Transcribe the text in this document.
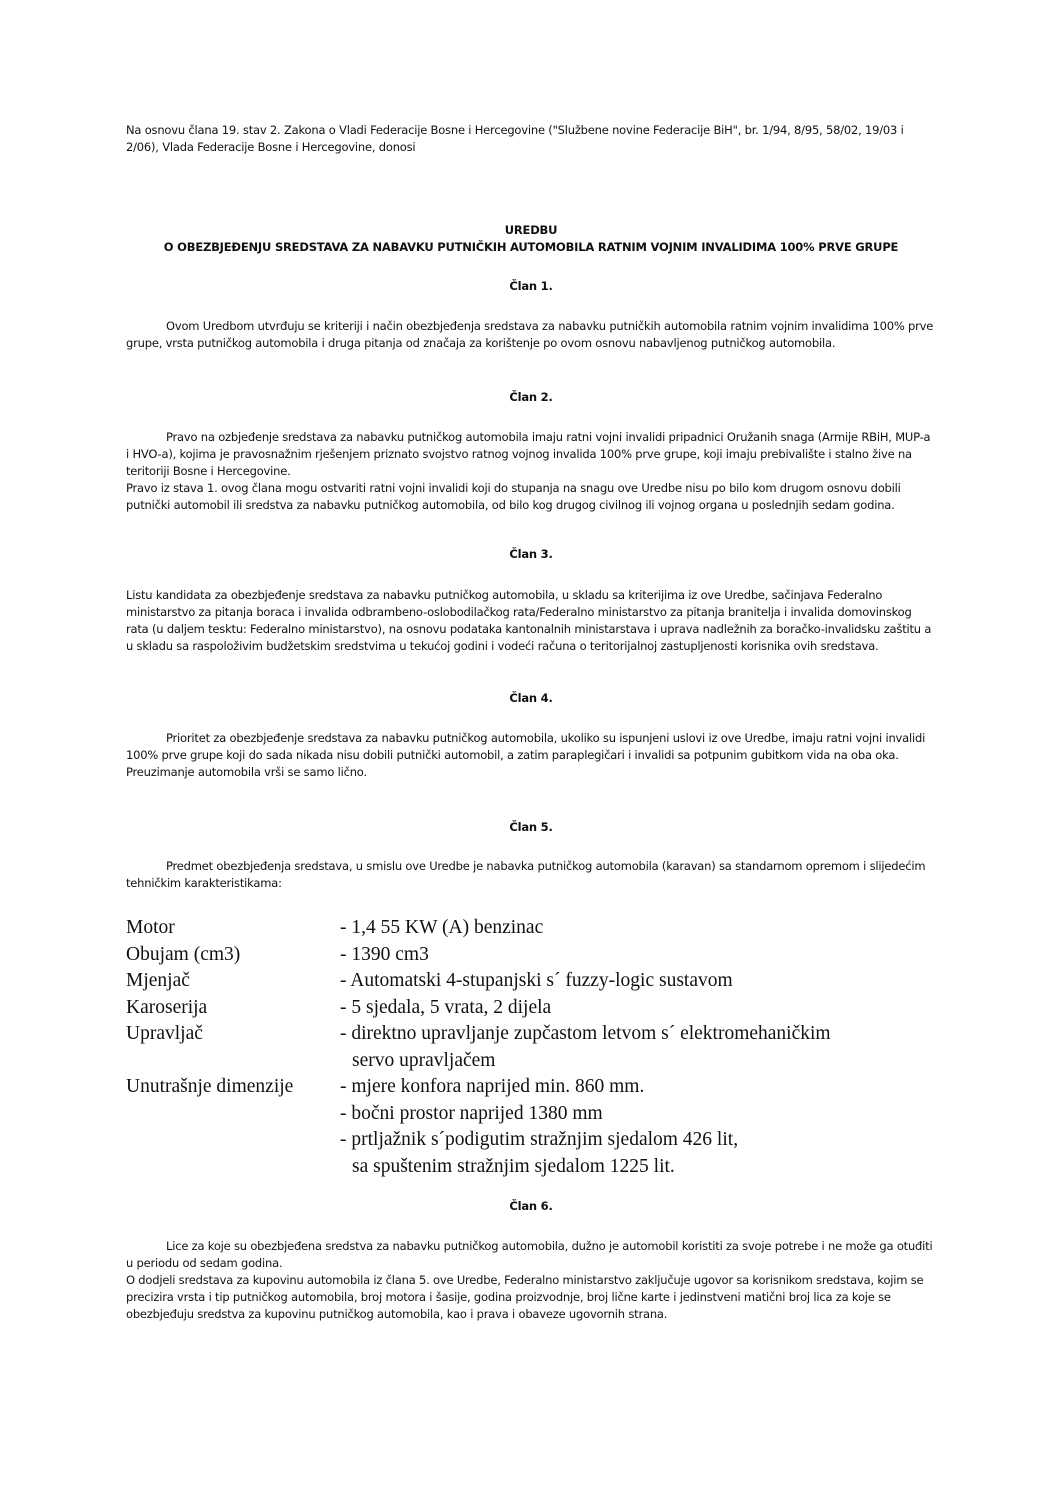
Na osnovu člana 19. stav 2. Zakona o Vladi Federacije Bosne i Hercegovine ("Službene novine Federacije BiH", br. 1/94, 8/95, 58/02, 19/03 i 2/06), Vlada Federacije Bosne i Hercegovine, donosi

UREDBU
O OBEZBJEĐENJU SREDSTAVA ZA NABAVKU PUTNIČKIH AUTOMOBILA RATNIM VOJNIM INVALIDIMA 100% PRVE GRUPE
Član 1.

Ovom Uredbom utvrđuju se kriteriji i način obezbjeđenja sredstava za nabavku putničkih automobila ratnim vojnim invalidima 100% prve grupe, vrsta putničkog automobila i druga pitanja od značaja za korištenje po ovom osnovu nabavljenog putničkog automobila.

Član 2.

Pravo na ozbjeđenje sredstava za nabavku putničkog automobila imaju ratni vojni invalidi pripadnici Oružanih snaga (Armije RBiH, MUP-a i HVO-a), kojima je pravosnažnim rješenjem priznato svojstvo ratnog vojnog invalida 100% prve grupe, koji imaju prebivalište i stalno žive na teritoriji Bosne i Hercegovine.

Pravo iz stava 1. ovog člana mogu ostvariti ratni vojni invalidi koji do stupanja na snagu ove Uredbe nisu po bilo kom drugom osnovu dobili putnički automobil ili sredstva za nabavku putničkog automobila, od bilo kog drugog civilnog ili vojnog organa u poslednjih sedam godina.

Član 3.

Listu kandidata za obezbjeđenje sredstava za nabavku putničkog automobila, u skladu sa kriterijima iz ove Uredbe, sačinjava Federalno ministarstvo za pitanja boraca i invalida odbrambeno-oslobodilačkog rata/Federalno ministarstvo za pitanja branitelja i invalida domovinskog rata (u daljem tesktu: Federalno ministarstvo), na osnovu podataka kantonalnih ministarstava i uprava nadležnih za boračko-invalidsku zaštitu a u skladu sa raspoloživim budžetskim sredstvima u tekućoj godini i vodeći računa o teritorijalnoj zastupljenosti korisnika ovih sredstava.

Član 4.

Prioritet za obezbjeđenje sredstava za nabavku putničkog automobila, ukoliko su ispunjeni uslovi iz ove Uredbe, imaju ratni vojni invalidi 100% prve grupe koji do sada nikada nisu dobili putnički automobil, a zatim paraplegičari i invalidi sa potpunim gubitkom vida na oba oka.

Preuzimanje automobila vrši se samo lično.

Član 5.

Predmet obezbjeđenja sredstava, u smislu ove Uredbe je nabavka putničkog automobila (karavan) sa standarnom opremom i slijedećim tehničkim karakteristikama:

Motor	- 1,4 55 KW (A) benzinac
Obujam (cm3)	- 1390 cm3
Mjenjač	- Automatski 4-stupanjski s´ fuzzy-logic sustavom
Karoserija	- 5 sjedala, 5 vrata, 2 dijela
Upravljač	- direktno upravljanje zupčastom letvom s´ elektromehaničkim
servo upravljačem
Unutrašnje dimenzije	- mjere konfora naprijed min. 860 mm.
- bočni prostor naprijed 1380 mm
- prtljažnik s´podigutim stražnjim sjedalom 426 lit,
sa spuštenim stražnjim sjedalom 1225 lit.
Član 6.

Lice za koje su obezbjeđena sredstva za nabavku putničkog automobila, dužno je automobil koristiti za svoje potrebe i ne može ga otuđiti u periodu od sedam godina.

O dodjeli sredstava za kupovinu automobila iz člana 5. ove Uredbe, Federalno ministarstvo zaključuje ugovor sa korisnikom sredstava, kojim se precizira vrsta i tip putničkog automobila, broj motora i šasije, godina proizvodnje, broj lične karte i jedinstveni matični broj lica za koje se obezbjeđuju sredstva za kupovinu putničkog automobila, kao i prava i obaveze ugovornih strana.
